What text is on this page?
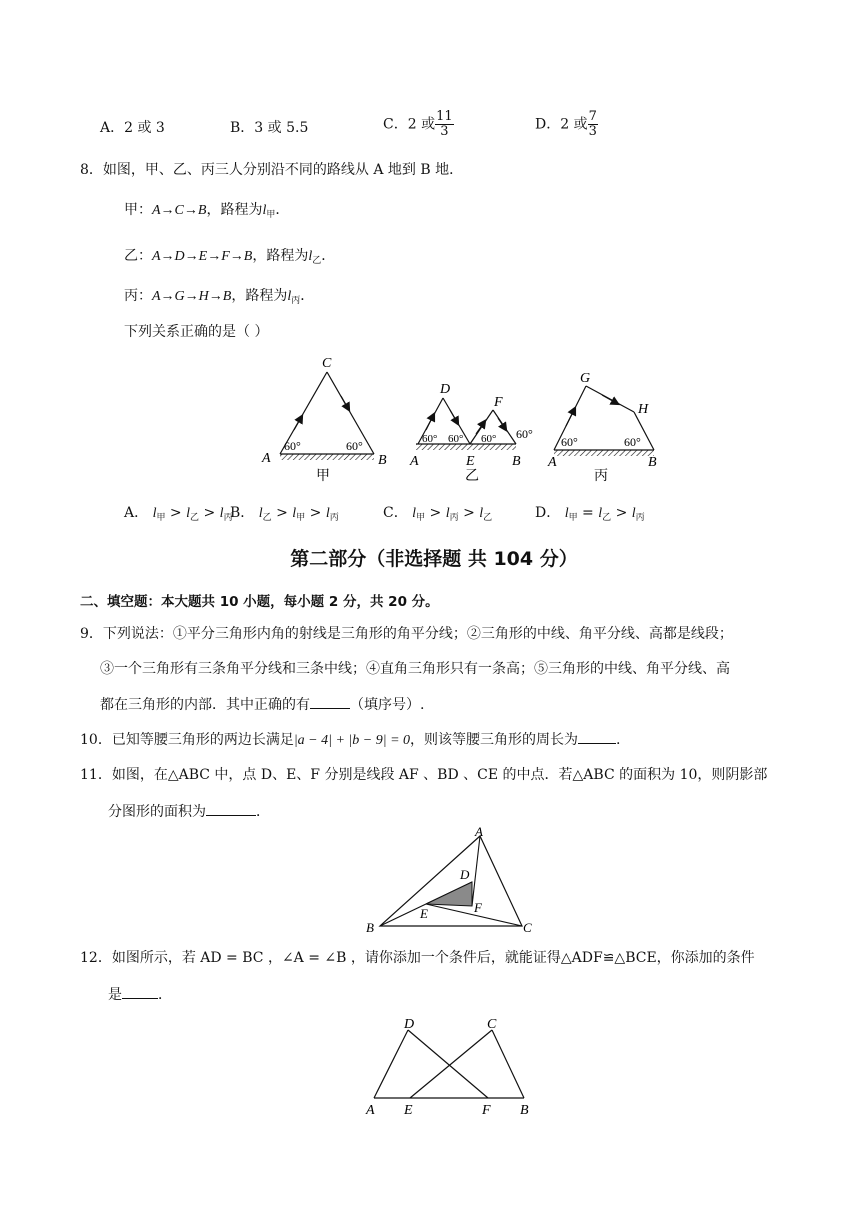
A．2 或 3	B．3 或 5.5	C．2 或 $\frac{11}{3}$	D．2 或 $\frac{7}{3}$
8．如图，甲、乙、丙三人分别沿不同的路线从 A 地到 B 地．
甲：A→C→B，路程为$l_甲$．
乙：A→D→E→F→B，路程为$l_乙$．
丙：A→G→H→B，路程为$l_丙$．
下列关系正确的是（ ）
C
A	B
60°	60°
甲
D
F
A	E	B
60° 60° 60° 60°
乙
G
H
A	B
60°	60°
丙
A． $l_甲 > l_乙 > l_丙$
B． $l_乙 > l_甲 > l_丙$	C． $l_甲 > l_丙 > l_乙$	D． $l_甲 = l_乙 > l_丙$
第二部分（非选择题 共 104 分）
二、填空题：本大题共 10 小题，每小题 2 分，共 20 分。
9．下列说法：①平分三角形内角的射线是三角形的角平分线；②三角形的中线、角平分线、高都是线段；
③一个三角形有三条角平分线和三条中线；④直角三角形只有一条高；⑤三角形的中线、角平分线、高
都在三角形的内部．其中正确的有	（填序号）.
10．已知等腰三角形的两边长满足|a − 4| + |b − 9| = 0，则该等腰三角形的周长为	.
11．如图，在△ABC 中，点 D、E、F 分别是线段 AF 、BD 、CE 的中点．若△ABC 的面积为 10，则阴影部
分图形的面积为	．
A
B	C
D
E	F
12．如图所示，若 AD = BC ，∠A = ∠B ，请你添加一个条件后，就能证得△ADF≌△BCE，你添加的条件
是	．
D	C
A E	F B
